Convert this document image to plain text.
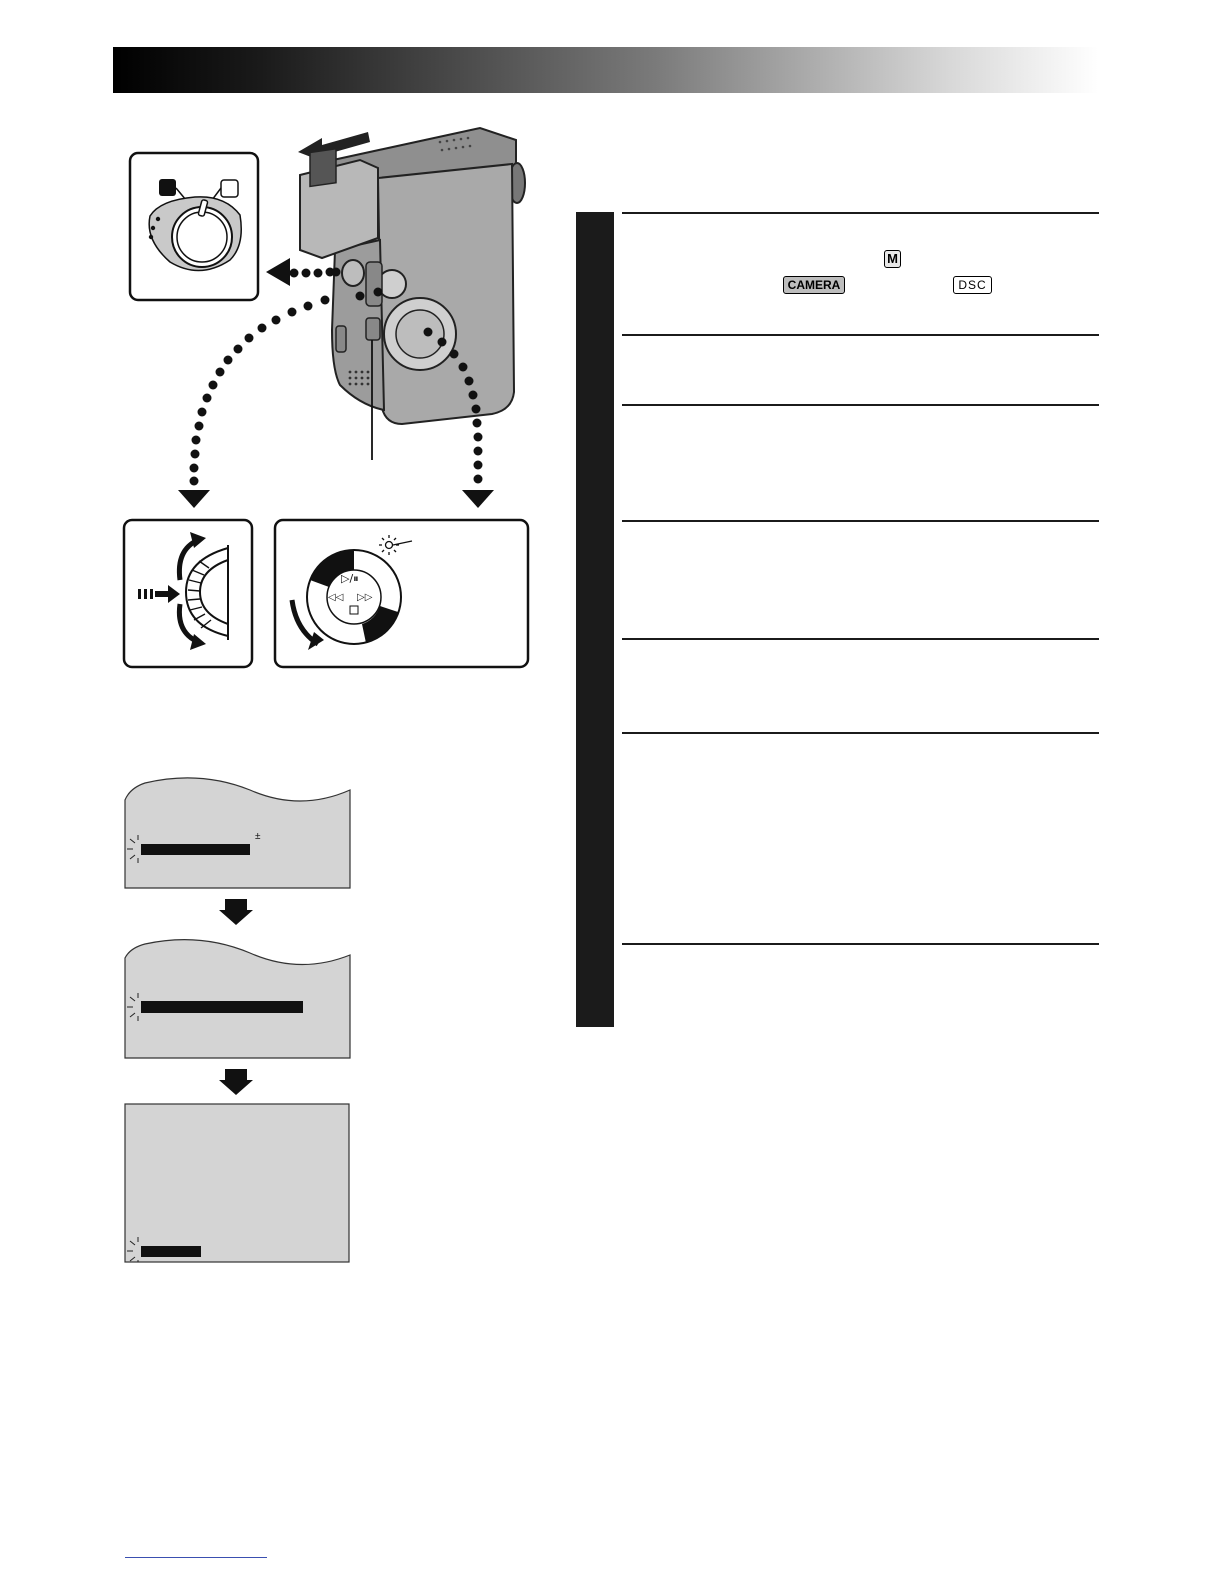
M
CAMERA	DSC
▷/⏸
◁◁ ▷▷
±
